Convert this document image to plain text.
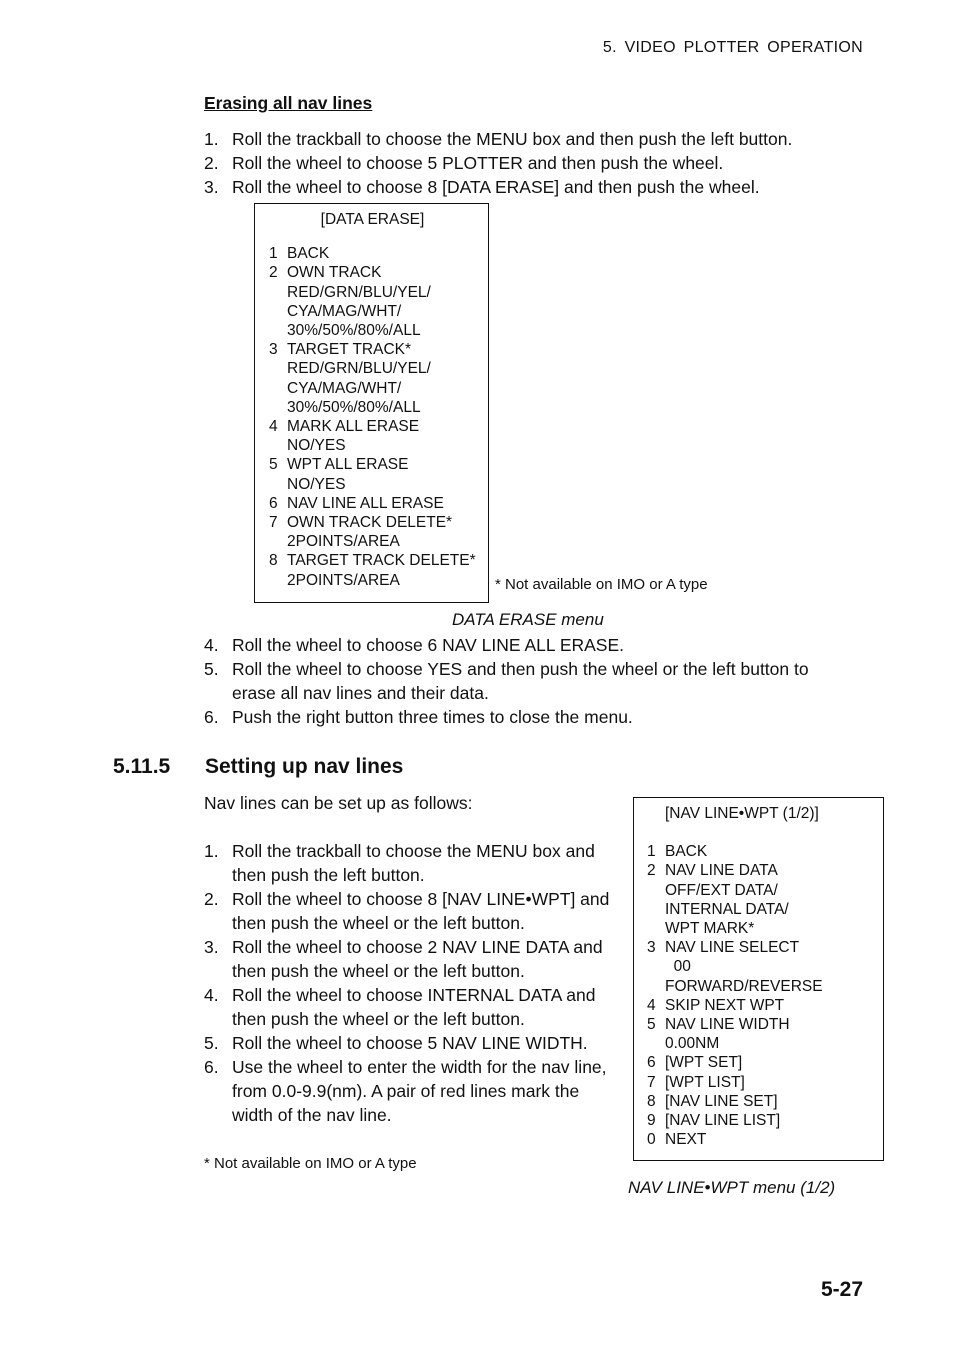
5. VIDEO PLOTTER OPERATION
Erasing all nav lines
1. Roll the trackball to choose the MENU box and then push the left button.
2. Roll the wheel to choose 5 PLOTTER and then push the wheel.
3. Roll the wheel to choose 8 [DATA ERASE] and then push the wheel.
[DATA ERASE]
1 BACK
2 OWN TRACK
RED/GRN/BLU/YEL/
CYA/MAG/WHT/
30%/50%/80%/ALL
3 TARGET TRACK*
RED/GRN/BLU/YEL/
CYA/MAG/WHT/
30%/50%/80%/ALL
4 MARK ALL ERASE
NO/YES
5 WPT ALL ERASE
NO/YES
6 NAV LINE ALL ERASE
7 OWN TRACK DELETE*
2POINTS/AREA
8 TARGET TRACK DELETE*
2POINTS/AREA	* Not available on IMO or A type
DATA ERASE menu
4. Roll the wheel to choose 6 NAV LINE ALL ERASE.
5. Roll the wheel to choose YES and then push the wheel or the left button to erase all nav lines and their data.
6. Push the right button three times to close the menu.
5.11.5	Setting up nav lines
Nav lines can be set up as follows:
1. Roll the trackball to choose the MENU box and then push the left button.
2. Roll the wheel to choose 8 [NAV LINE•WPT] and then push the wheel or the left button.
3. Roll the wheel to choose 2 NAV LINE DATA and then push the wheel or the left button.
4. Roll the wheel to choose INTERNAL DATA and then push the wheel or the left button.
5. Roll the wheel to choose 5 NAV LINE WIDTH.
6. Use the wheel to enter the width for the nav line, from 0.0-9.9(nm). A pair of red lines mark the width of the nav line.
* Not available on IMO or A type
[NAV LINE•WPT (1/2)]
1 BACK
2 NAV LINE DATA
OFF/EXT DATA/
INTERNAL DATA/
WPT MARK*
3 NAV LINE SELECT
00
FORWARD/REVERSE
4 SKIP NEXT WPT
5 NAV LINE WIDTH
0.00NM
6 [WPT SET]
7 [WPT LIST]
8 [NAV LINE SET]
9 [NAV LINE LIST]
0 NEXT
NAV LINE•WPT menu (1/2)
5-27
